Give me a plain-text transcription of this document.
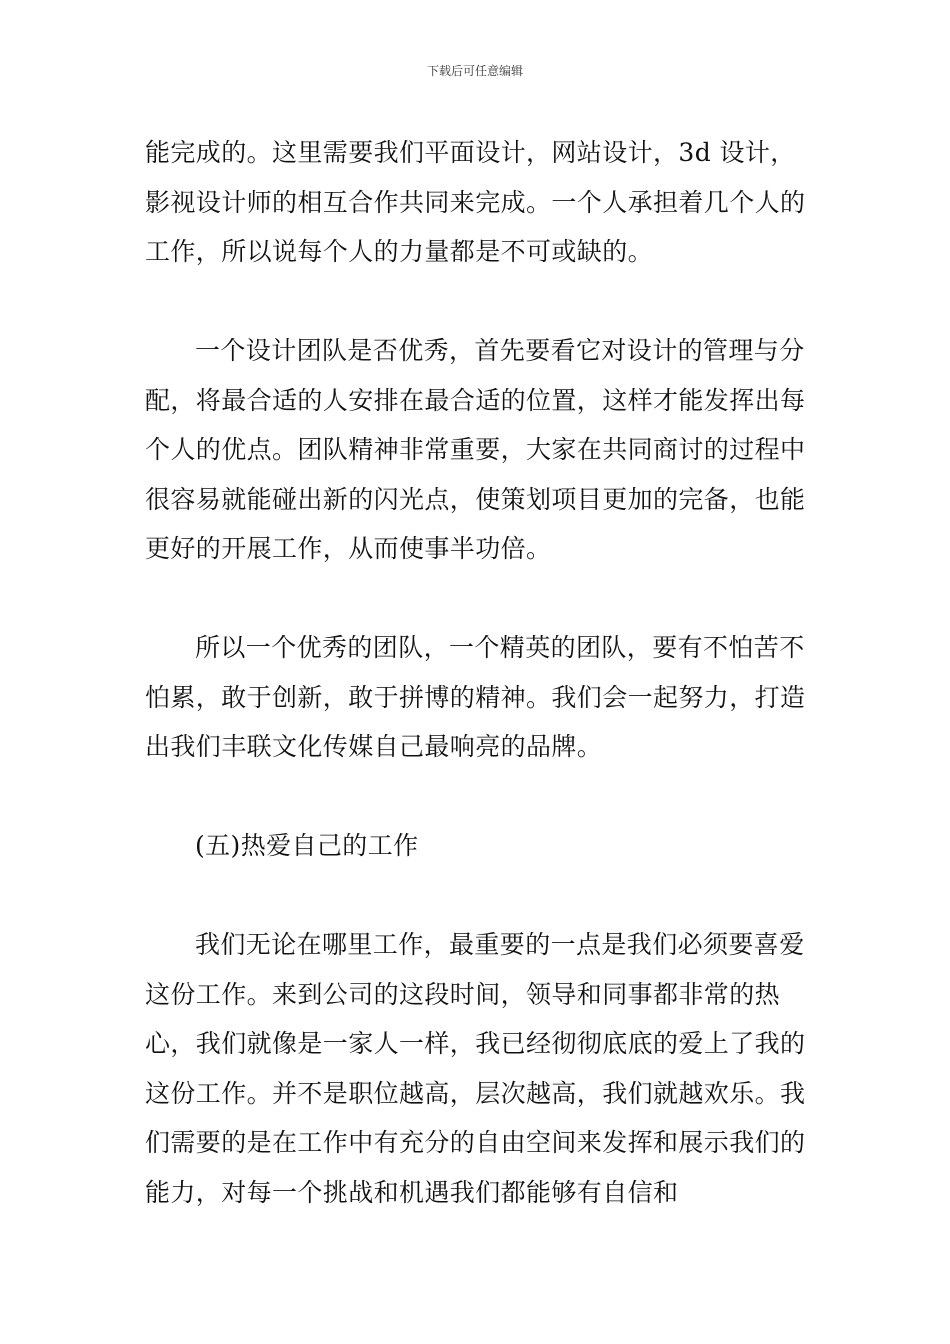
下载后可任意编辑

能完成的。这里需要我们平面设计，网站设计，3d 设计，影视设计师的相互合作共同来完成。一个人承担着几个人的工作，所以说每个人的力量都是不可或缺的。

一个设计团队是否优秀，首先要看它对设计的管理与分配，将最合适的人安排在最合适的位置，这样才能发挥出每个人的优点。团队精神非常重要，大家在共同商讨的过程中很容易就能碰出新的闪光点，使策划项目更加的完备，也能更好的开展工作，从而使事半功倍。

所以一个优秀的团队，一个精英的团队，要有不怕苦不怕累，敢于创新，敢于拼博的精神。我们会一起努力，打造出我们丰联文化传媒自己最响亮的品牌。

(五)热爱自己的工作

我们无论在哪里工作，最重要的一点是我们必须要喜爱这份工作。来到公司的这段时间，领导和同事都非常的热心，我们就像是一家人一样，我已经彻彻底底的爱上了我的这份工作。并不是职位越高，层次越高，我们就越欢乐。我们需要的是在工作中有充分的自由空间来发挥和展示我们的能力，对每一个挑战和机遇我们都能够有自信和
